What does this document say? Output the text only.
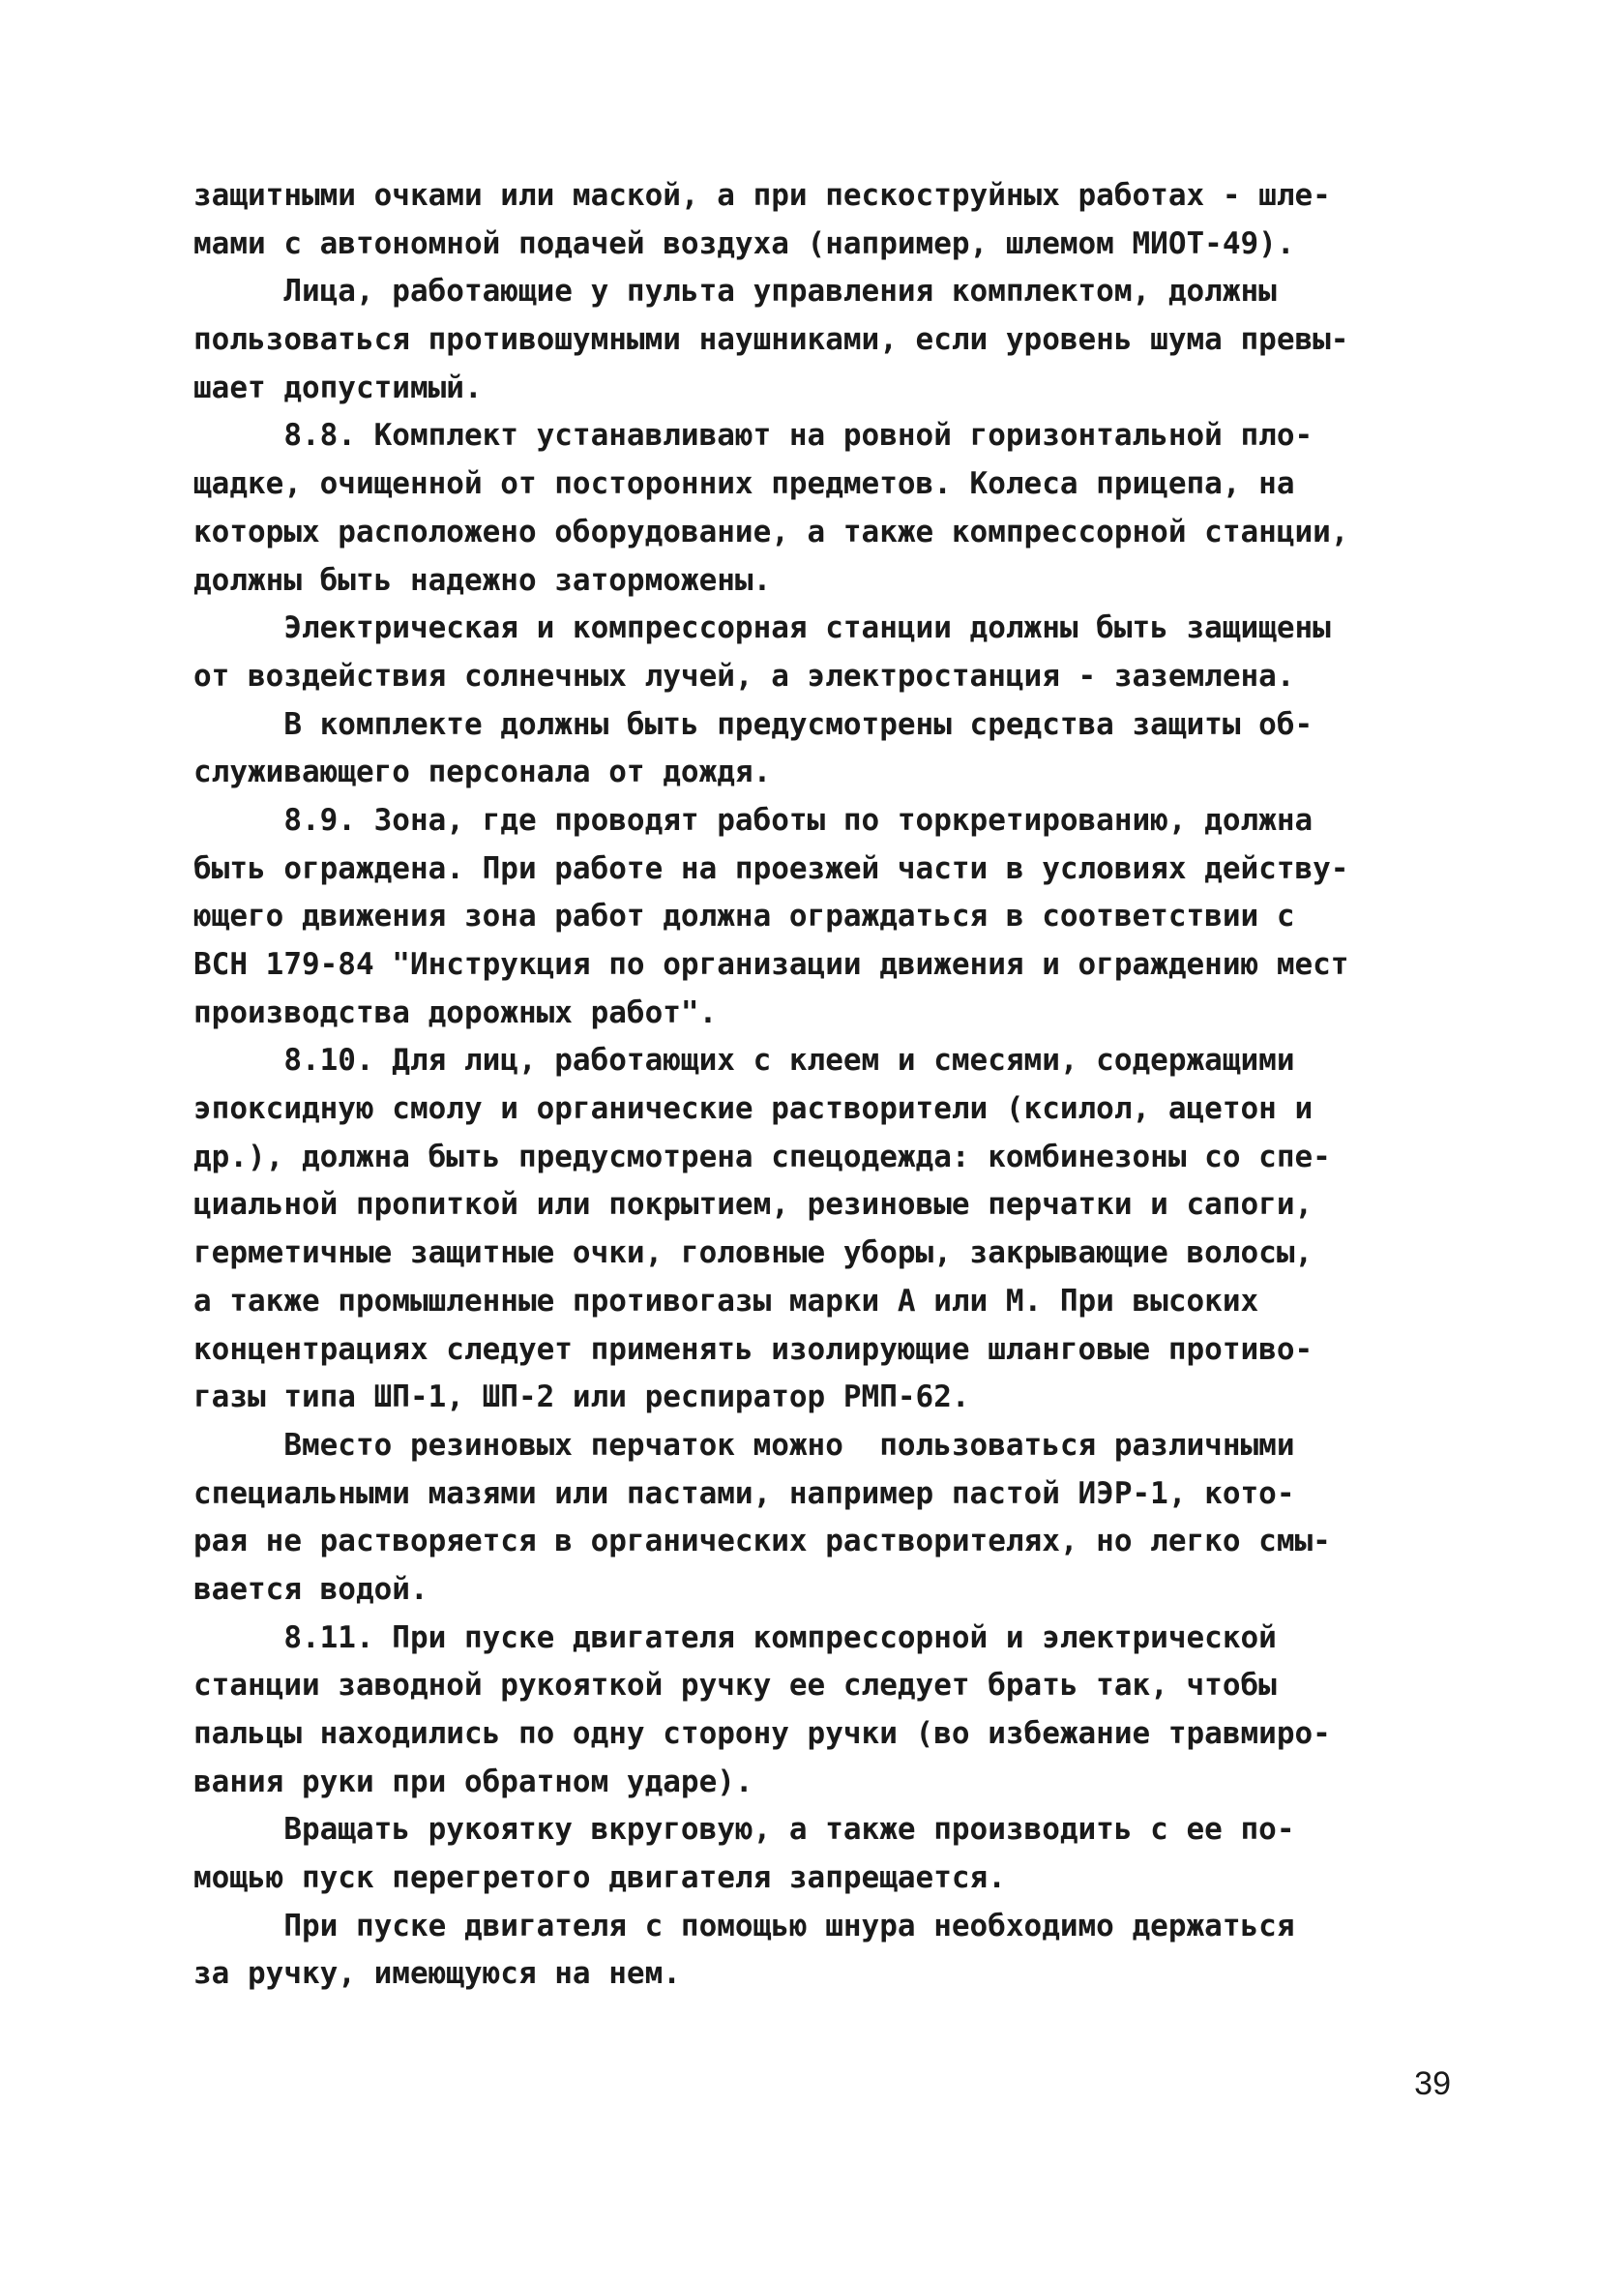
защитными очками или маской, а при пескоструйных работах - шле-
мами с автономной подачей воздуха (например, шлемом МИОТ-49).
Лица, работающие у пульта управления комплектом, должны
пользоваться противошумными наушниками, если уровень шума превы-
шает допустимый.
8.8. Комплект устанавливают на ровной горизонтальной пло-
щадке, очищенной от посторонних предметов. Колеса прицепа, на
которых расположено оборудование, а также компрессорной станции,
должны быть надежно заторможены.
Электрическая и компрессорная станции должны быть защищены
от воздействия солнечных лучей, а электростанция - заземлена.
В комплекте должны быть предусмотрены средства защиты об-
служивающего персонала от дождя.
8.9. Зона, где проводят работы по торкретированию, должна
быть ограждена. При работе на проезжей части в условиях действу-
ющего движения зона работ должна ограждаться в соответствии с
ВСН 179-84 "Инструкция по организации движения и ограждению мест
производства дорожных работ".
8.10. Для лиц, работающих с клеем и смесями, содержащими
эпоксидную смолу и органические растворители (ксилол, ацетон и
др.), должна быть предусмотрена спецодежда: комбинезоны со спе-
циальной пропиткой или покрытием, резиновые перчатки и сапоги,
герметичные защитные очки, головные уборы, закрывающие волосы,
а также промышленные противогазы марки А или М. При высоких
концентрациях следует применять изолирующие шланговые противо-
газы типа ШП-1, ШП-2 или респиратор РМП-62.
Вместо резиновых перчаток можно  пользоваться различными
специальными мазями или пастами, например пастой ИЭР-1, кото-
рая не растворяется в органических растворителях, но легко смы-
вается водой.
8.11. При пуске двигателя компрессорной и электрической
станции заводной рукояткой ручку ее следует брать так, чтобы
пальцы находились по одну сторону ручки (во избежание травмиро-
вания руки при обратном ударе).
Вращать рукоятку вкруговую, а также производить с ее по-
мощью пуск перегретого двигателя запрещается.
При пуске двигателя с помощью шнура необходимо держаться
за ручку, имеющуюся на нем.
39
